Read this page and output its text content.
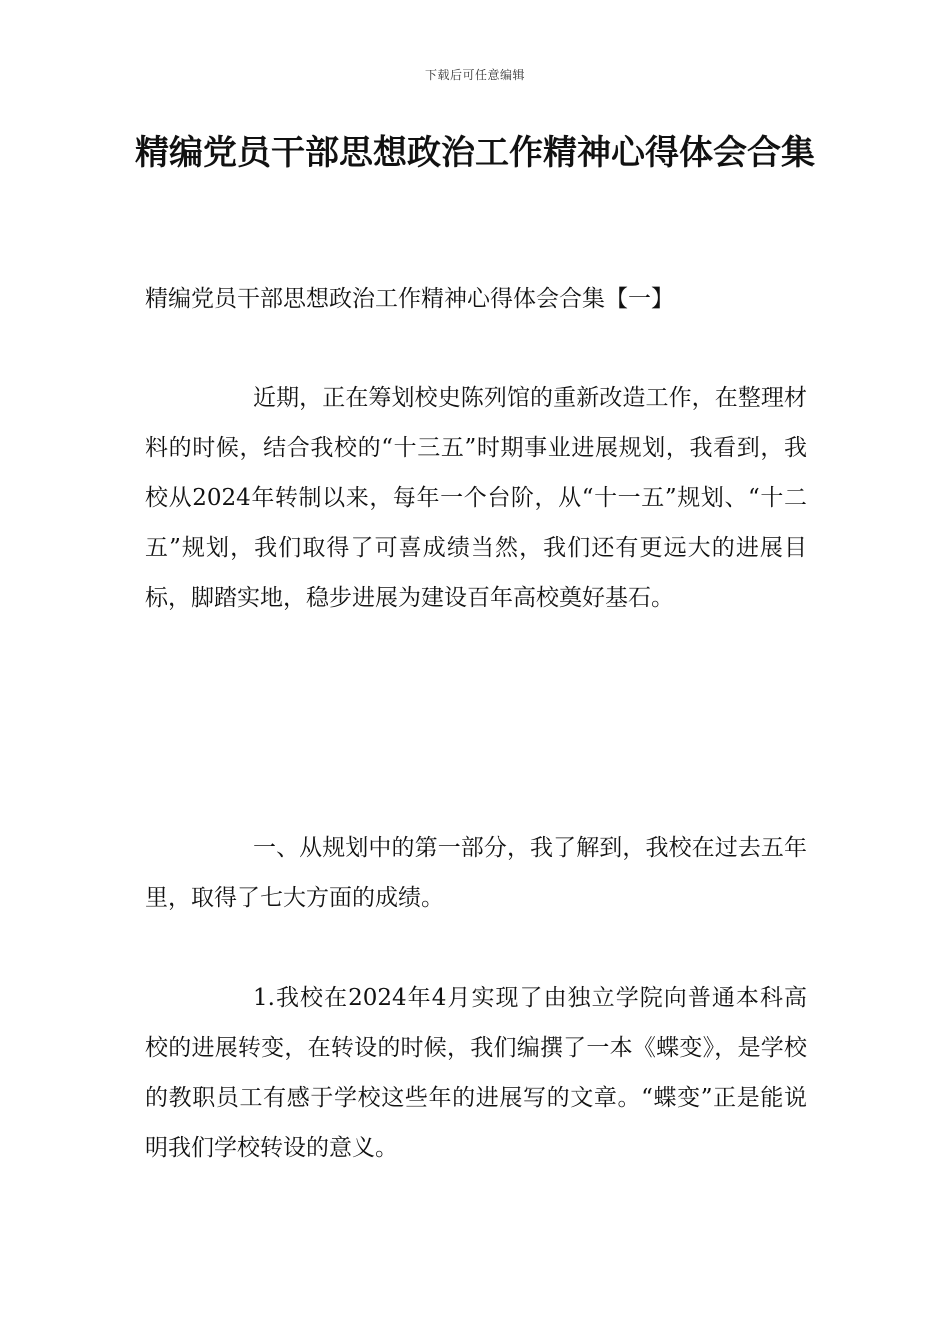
下载后可任意编辑
精编党员干部思想政治工作精神心得体会合集
精编党员干部思想政治工作精神心得体会合集【一】

近期，正在筹划校史陈列馆的重新改造工作，在整理材料的时候，结合我校的“十三五”时期事业进展规划，我看到，我校从2024年转制以来，每年一个台阶，从“十一五”规划、“十二五”规划，我们取得了可喜成绩当然，我们还有更远大的进展目标，脚踏实地，稳步进展为建设百年高校奠好基石。

一、从规划中的第一部分，我了解到，我校在过去五年里，取得了七大方面的成绩。

1.我校在2024年4月实现了由独立学院向普通本科高校的进展转变，在转设的时候，我们编撰了一本《蝶变》，是学校的教职员工有感于学校这些年的进展写的文章。“蝶变”正是能说明我们学校转设的意义。
